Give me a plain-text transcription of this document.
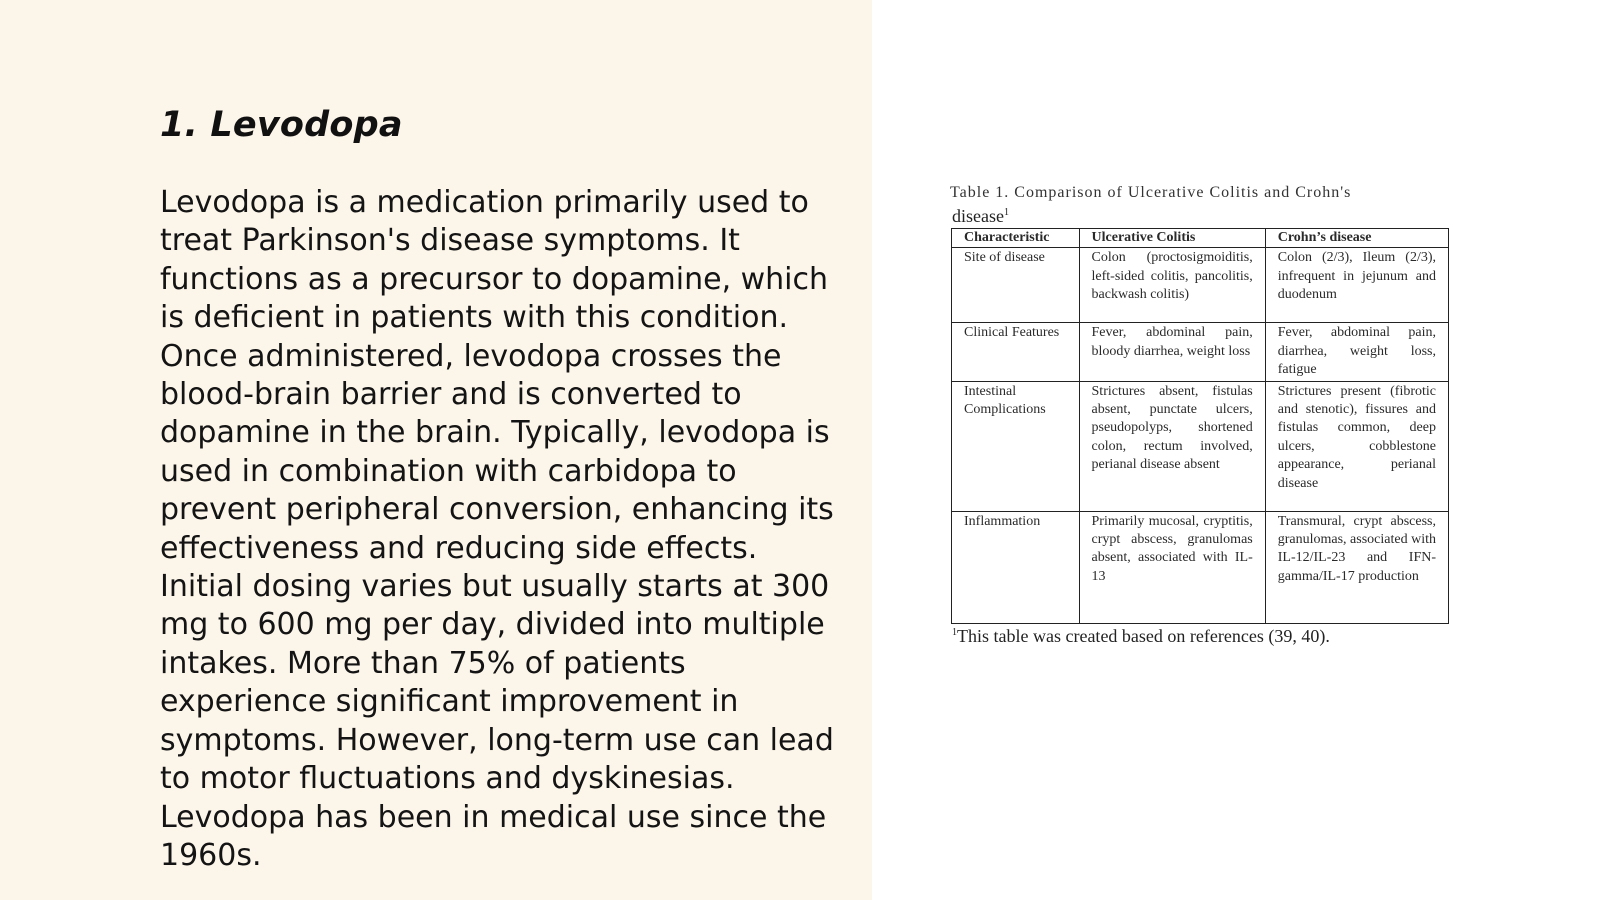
1. Levodopa

Levodopa is a medication primarily used to
treat Parkinson's disease symptoms. It
functions as a precursor to dopamine, which
is deficient in patients with this condition.
Once administered, levodopa crosses the
blood-brain barrier and is converted to
dopamine in the brain. Typically, levodopa is
used in combination with carbidopa to
prevent peripheral conversion, enhancing its
effectiveness and reducing side effects.
Initial dosing varies but usually starts at 300
mg to 600 mg per day, divided into multiple
intakes. More than 75% of patients
experience significant improvement in
symptoms. However, long-term use can lead
to motor fluctuations and dyskinesias.
Levodopa has been in medical use since the
1960s.

Table 1. Comparison of Ulcerative Colitis and Crohn's
disease$^1$
Characteristic	Ulcerative Colitis	Crohn’s disease
Site of disease	Colon (proctosigmoiditis, left-sided colitis, pancolitis, backwash colitis)	Colon (2/3), Ileum (2/3), infrequent in jejunum and duodenum
Clinical Features	Fever, abdominal pain, bloody diarrhea, weight loss	Fever, abdominal pain, diarrhea, weight loss, fatigue
Intestinal Complications	Strictures absent, fistulas absent, punctate ulcers, pseudopolyps, shortened colon, rectum involved, perianal disease absent	Strictures present (fibrotic and stenotic), fissures and fistulas common, deep ulcers, cobblestone appearance, perianal disease
Inflammation	Primarily mucosal, cryptitis, crypt abscess, granulomas absent, associated with IL-13	Transmural, crypt abscess, granulomas, associated with IL-12/IL-23 and IFN-gamma/IL-17 production
$^1$This table was created based on references (39, 40).
